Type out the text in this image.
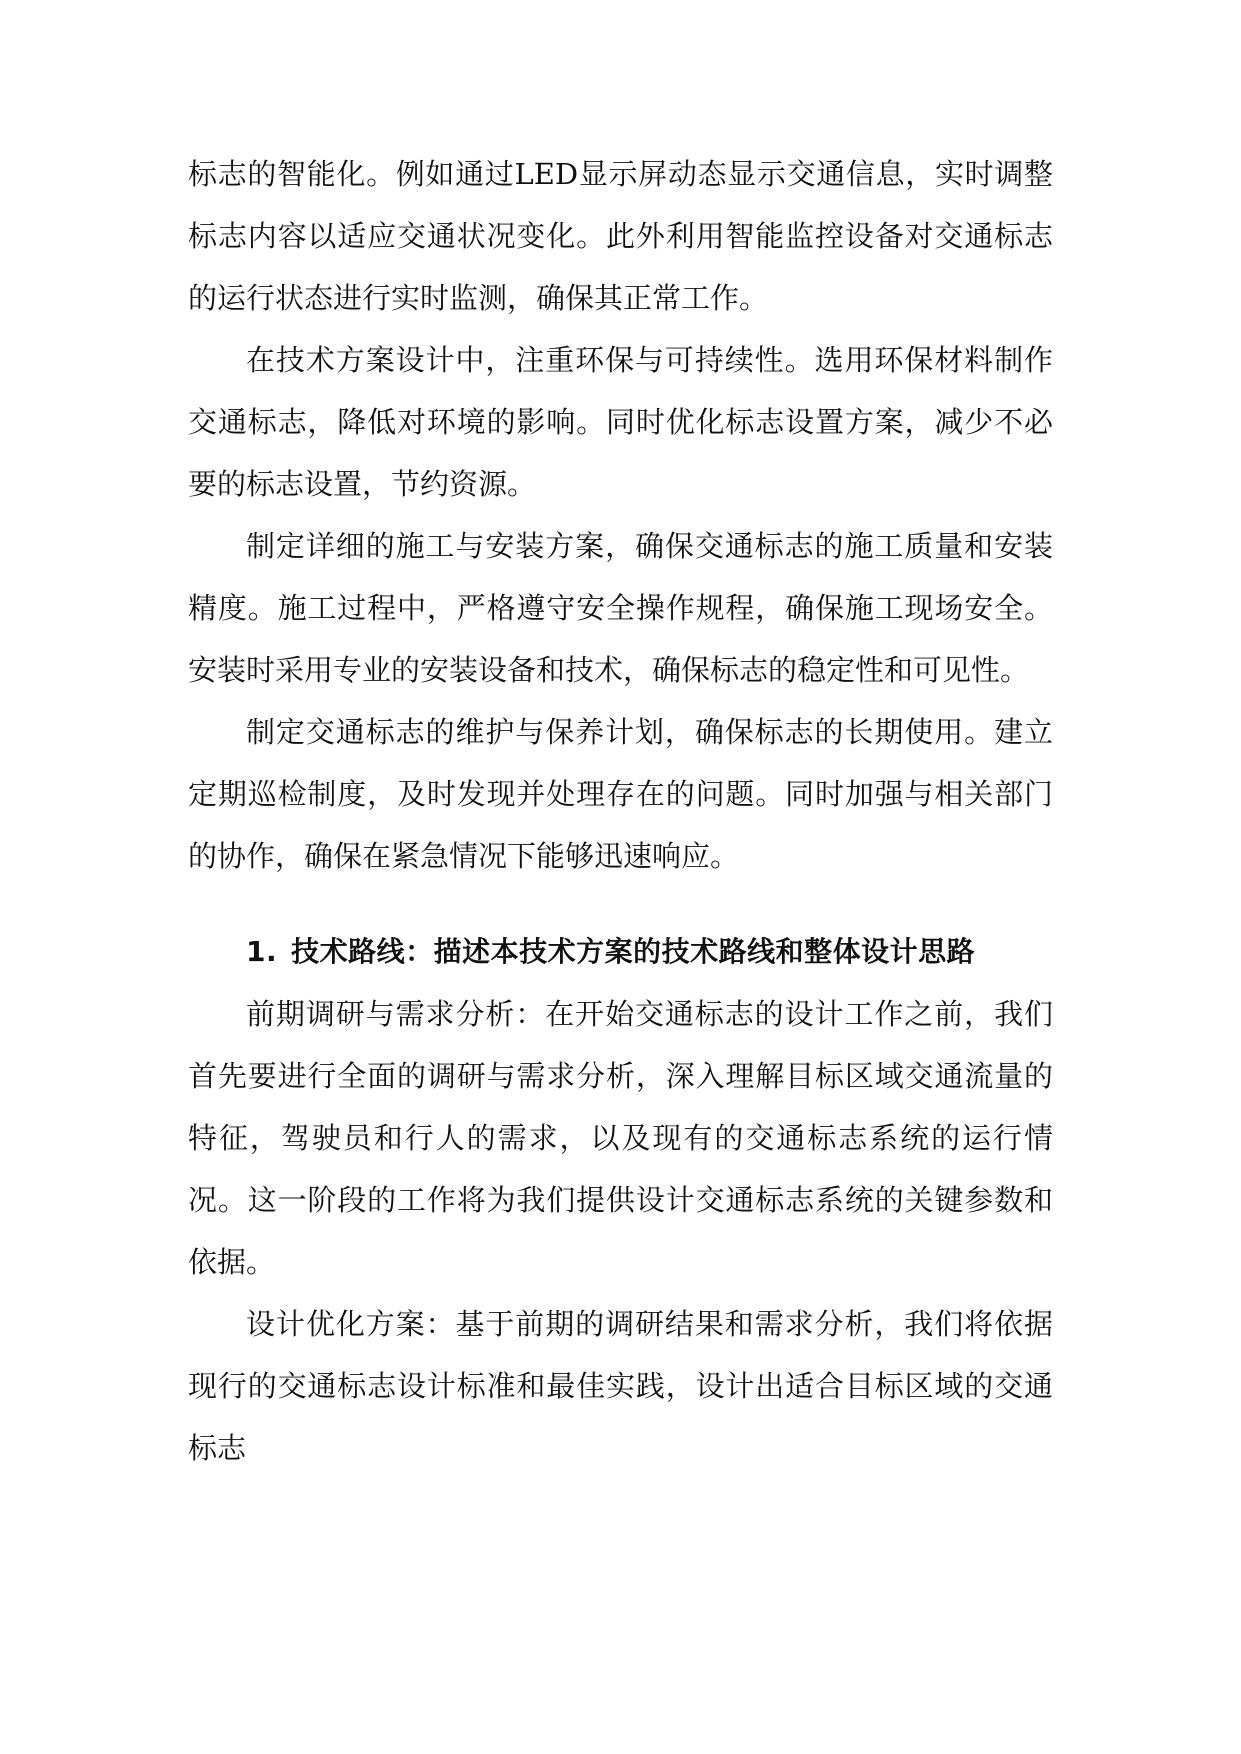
标志的智能化。例如通过LED显示屏动态显示交通信息，实时调整标志内容以适应交通状况变化。此外利用智能监控设备对交通标志的运行状态进行实时监测，确保其正常工作。

在技术方案设计中，注重环保与可持续性。选用环保材料制作交通标志，降低对环境的影响。同时优化标志设置方案，减少不必要的标志设置，节约资源。

制定详细的施工与安装方案，确保交通标志的施工质量和安装精度。施工过程中，严格遵守安全操作规程，确保施工现场安全。安装时采用专业的安装设备和技术，确保标志的稳定性和可见性。

制定交通标志的维护与保养计划，确保标志的长期使用。建立定期巡检制度，及时发现并处理存在的问题。同时加强与相关部门的协作，确保在紧急情况下能够迅速响应。

1. 技术路线：描述本技术方案的技术路线和整体设计思路

前期调研与需求分析：在开始交通标志的设计工作之前，我们首先要进行全面的调研与需求分析，深入理解目标区域交通流量的特征，驾驶员和行人的需求，以及现有的交通标志系统的运行情况。这一阶段的工作将为我们提供设计交通标志系统的关键参数和依据。

设计优化方案：基于前期的调研结果和需求分析，我们将依据现行的交通标志设计标准和最佳实践，设计出适合目标区域的交通标志
